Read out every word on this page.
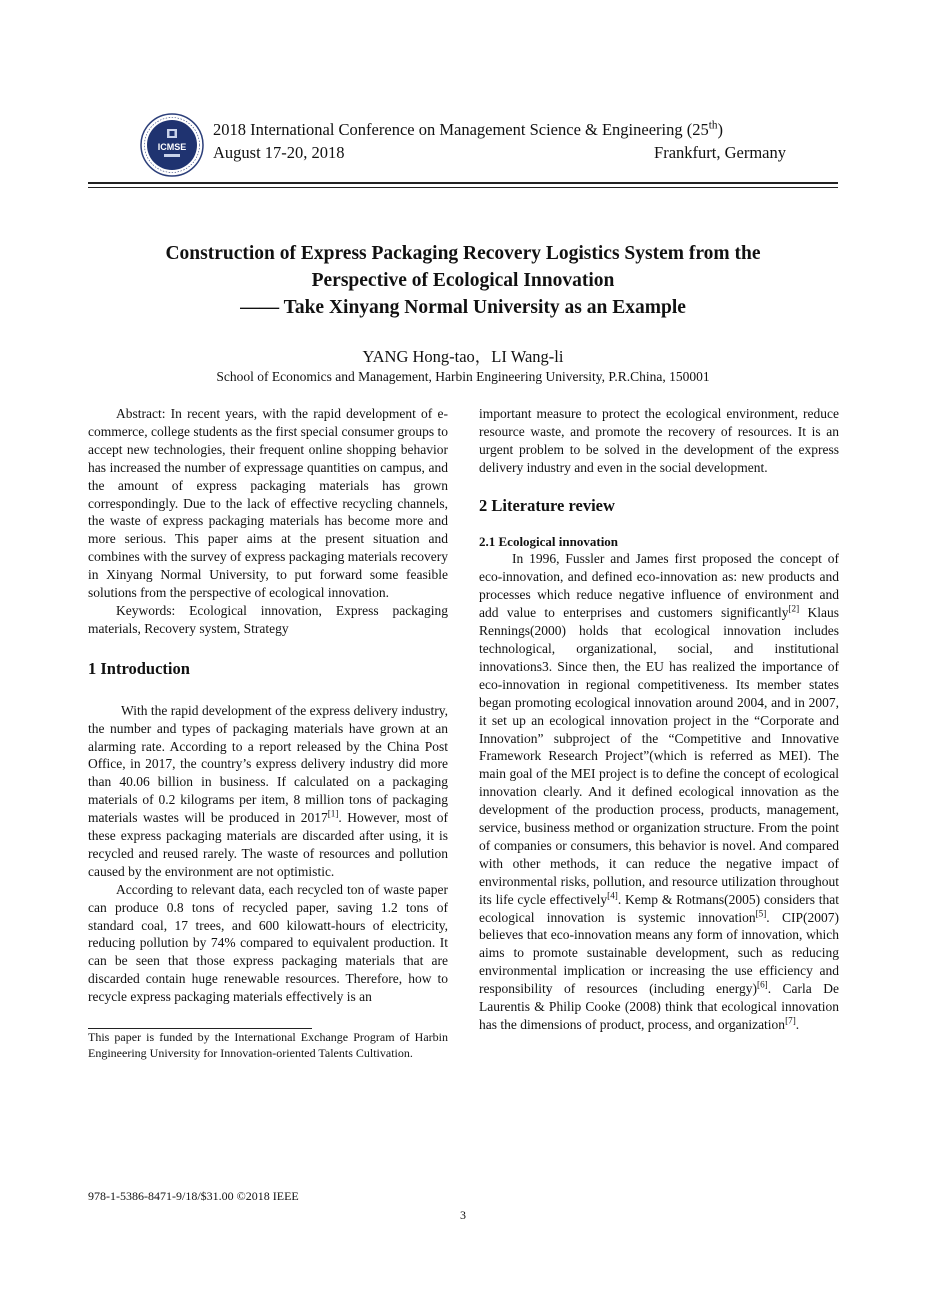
ICMSE
2018 International Conference on Management Science & Engineering (25th)
August 17-20, 2018	Frankfurt, Germany
Construction of Express Packaging Recovery Logistics System from the
Perspective of Ecological Innovation
—— Take Xinyang Normal University as an Example
YANG Hong-tao，LI Wang-li
School of Economics and Management, Harbin Engineering University, P.R.China, 150001

Abstract: In recent years, with the rapid development of e-commerce, college students as the first special consumer groups to accept new technologies, their frequent online shopping behavior has increased the number of expressage quantities on campus, and the amount of express packaging materials has grown correspondingly. Due to the lack of effective recycling channels, the waste of express packaging materials has become more and more serious. This paper aims at the present situation and combines with the survey of express packaging materials recovery in Xinyang Normal University, to put forward some feasible solutions from the perspective of ecological innovation.

Keywords: Ecological innovation, Express packaging materials, Recovery system, Strategy

1 Introduction

With the rapid development of the express delivery industry, the number and types of packaging materials have grown at an alarming rate. According to a report released by the China Post Office, in 2017, the country’s express delivery industry did more than 40.06 billion in business. If calculated on a packaging materials of 0.2 kilograms per item, 8 million tons of packaging materials wastes will be produced in 2017[1]. However, most of these express packaging materials are discarded after using, it is recycled and reused rarely. The waste of resources and pollution caused by the environment are not optimistic.

According to relevant data, each recycled ton of waste paper can produce 0.8 tons of recycled paper, saving 1.2 tons of standard coal, 17 trees, and 600 kilowatt-hours of electricity, reducing pollution by 74% compared to equivalent production. It can be seen that those express packaging materials that are discarded contain huge renewable resources. Therefore, how to recycle express packaging materials effectively is an

This paper is funded by the International Exchange Program of Harbin Engineering University for Innovation-oriented Talents Cultivation.

important measure to protect the ecological environment, reduce resource waste, and promote the recovery of resources. It is an urgent problem to be solved in the development of the express delivery industry and even in the social development.

2 Literature review

2.1 Ecological innovation

In 1996, Fussler and James first proposed the concept of eco-innovation, and defined eco-innovation as: new products and processes which reduce negative influence of environment and add value to enterprises and customers significantly[2] Klaus Rennings(2000) holds that ecological innovation includes technological, organizational, social, and institutional innovations3. Since then, the EU has realized the importance of eco-innovation in regional competitiveness. Its member states began promoting ecological innovation around 2004, and in 2007, it set up an ecological innovation project in the “Corporate and Innovation” subproject of the “Competitive and Innovative Framework Research Project”(which is referred as MEI). The main goal of the MEI project is to define the concept of ecological innovation clearly. And it defined ecological innovation as the development of the production process, products, management, service, business method or organization structure. From the point of companies or consumers, this behavior is novel. And compared with other methods, it can reduce the negative impact of environmental risks, pollution, and resource utilization throughout its life cycle effectively[4]. Kemp & Rotmans(2005) considers that ecological innovation is systemic innovation[5]. CIP(2007) believes that eco-innovation means any form of innovation, which aims to promote sustainable development, such as reducing environmental implication or increasing the use efficiency and responsibility of resources (including energy)[6]. Carla De Laurentis & Philip Cooke (2008) think that ecological innovation has the dimensions of product, process, and organization[7].

978-1-5386-8471-9/18/$31.00 ©2018 IEEE
3
